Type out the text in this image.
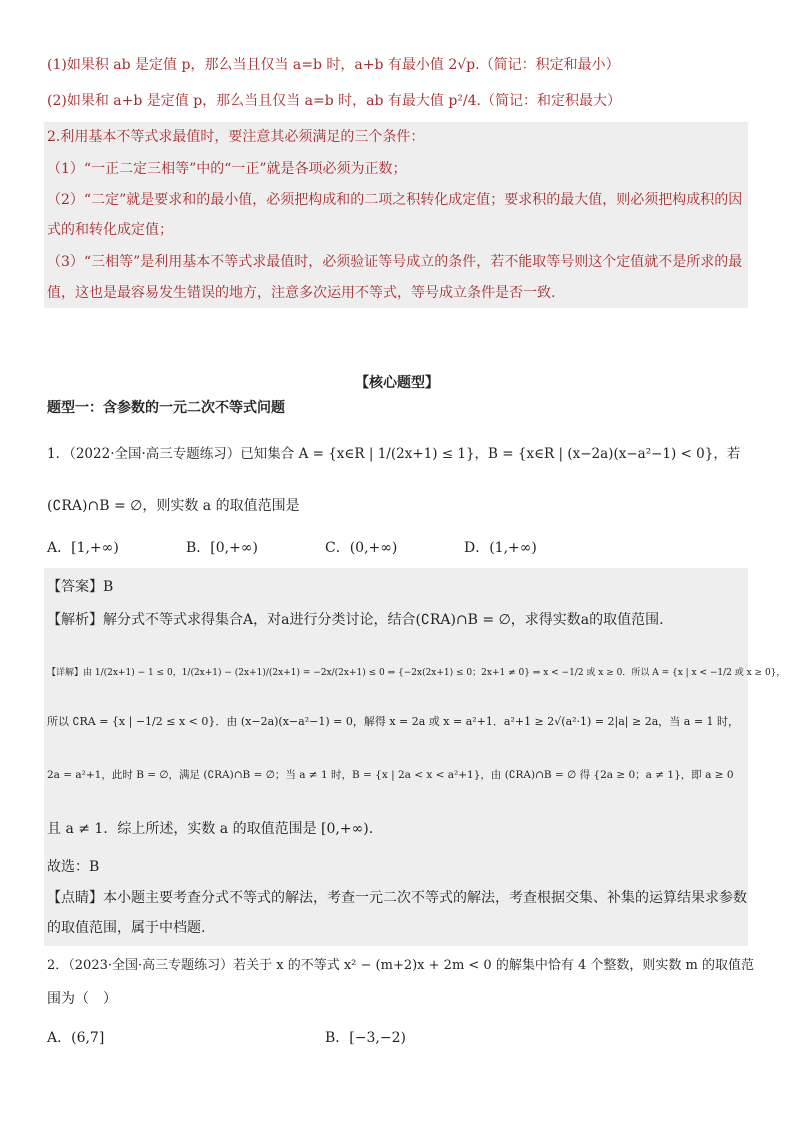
(1)如果积 ab 是定值 p，那么当且仅当 a=b 时，a+b 有最小值 2√p.（简记：积定和最小）
(2)如果和 a+b 是定值 p，那么当且仅当 a=b 时，ab 有最大值 p²/4.（简记：和定积最大）
2.利用基本不等式求最值时，要注意其必须满足的三个条件：
（1）“一正二定三相等”中的“一正”就是各项必须为正数；
（2）“二定”就是要求和的最小值，必须把构成和的二项之积转化成定值；要求积的最大值，则必须把构成积的因
式的和转化成定值；
（3）“三相等”是利用基本不等式求最值时，必须验证等号成立的条件，若不能取等号则这个定值就不是所求的最
值，这也是最容易发生错误的地方，注意多次运用不等式，等号成立条件是否一致.
【核心题型】
题型一：含参数的一元二次不等式问题
1．（2022·全国·高三专题练习）已知集合 A = {x∈R | 1/(2x+1) ≤ 1}，B = {x∈R | (x−2a)(x−a²−1) < 0}，若
(∁RA)∩B = ∅，则实数 a 的取值范围是
A．[1,+∞)	B．[0,+∞)	C．(0,+∞)	D．(1,+∞)
【答案】B
【解析】解分式不等式求得集合A，对a进行分类讨论，结合(∁RA)∩B = ∅，求得实数a的取值范围.
【详解】由 1/(2x+1) − 1 ≤ 0，1/(2x+1) − (2x+1)/(2x+1) = −2x/(2x+1) ≤ 0 ⇔ {−2x(2x+1) ≤ 0；2x+1 ≠ 0} ⇒ x < −1/2 或 x ≥ 0．所以 A = {x | x < −1/2 或 x ≥ 0}，
所以 ∁RA = {x | −1/2 ≤ x < 0}．由 (x−2a)(x−a²−1) = 0，解得 x = 2a 或 x = a²+1．a²+1 ≥ 2√(a²·1) = 2|a| ≥ 2a，当 a = 1 时，
2a = a²+1，此时 B = ∅，满足 (∁RA)∩B = ∅；当 a ≠ 1 时，B = {x | 2a < x < a²+1}，由 (∁RA)∩B = ∅ 得 {2a ≥ 0；a ≠ 1}，即 a ≥ 0
且 a ≠ 1．综上所述，实数 a 的取值范围是 [0,+∞).
故选：B
【点睛】本小题主要考查分式不等式的解法，考查一元二次不等式的解法，考查根据交集、补集的运算结果求参数
的取值范围，属于中档题.
2．（2023·全国·高三专题练习）若关于 x 的不等式 x² − (m+2)x + 2m < 0 的解集中恰有 4 个整数，则实数 m 的取值范
围为（　）
A．(6,7]	B．[−3,−2)
